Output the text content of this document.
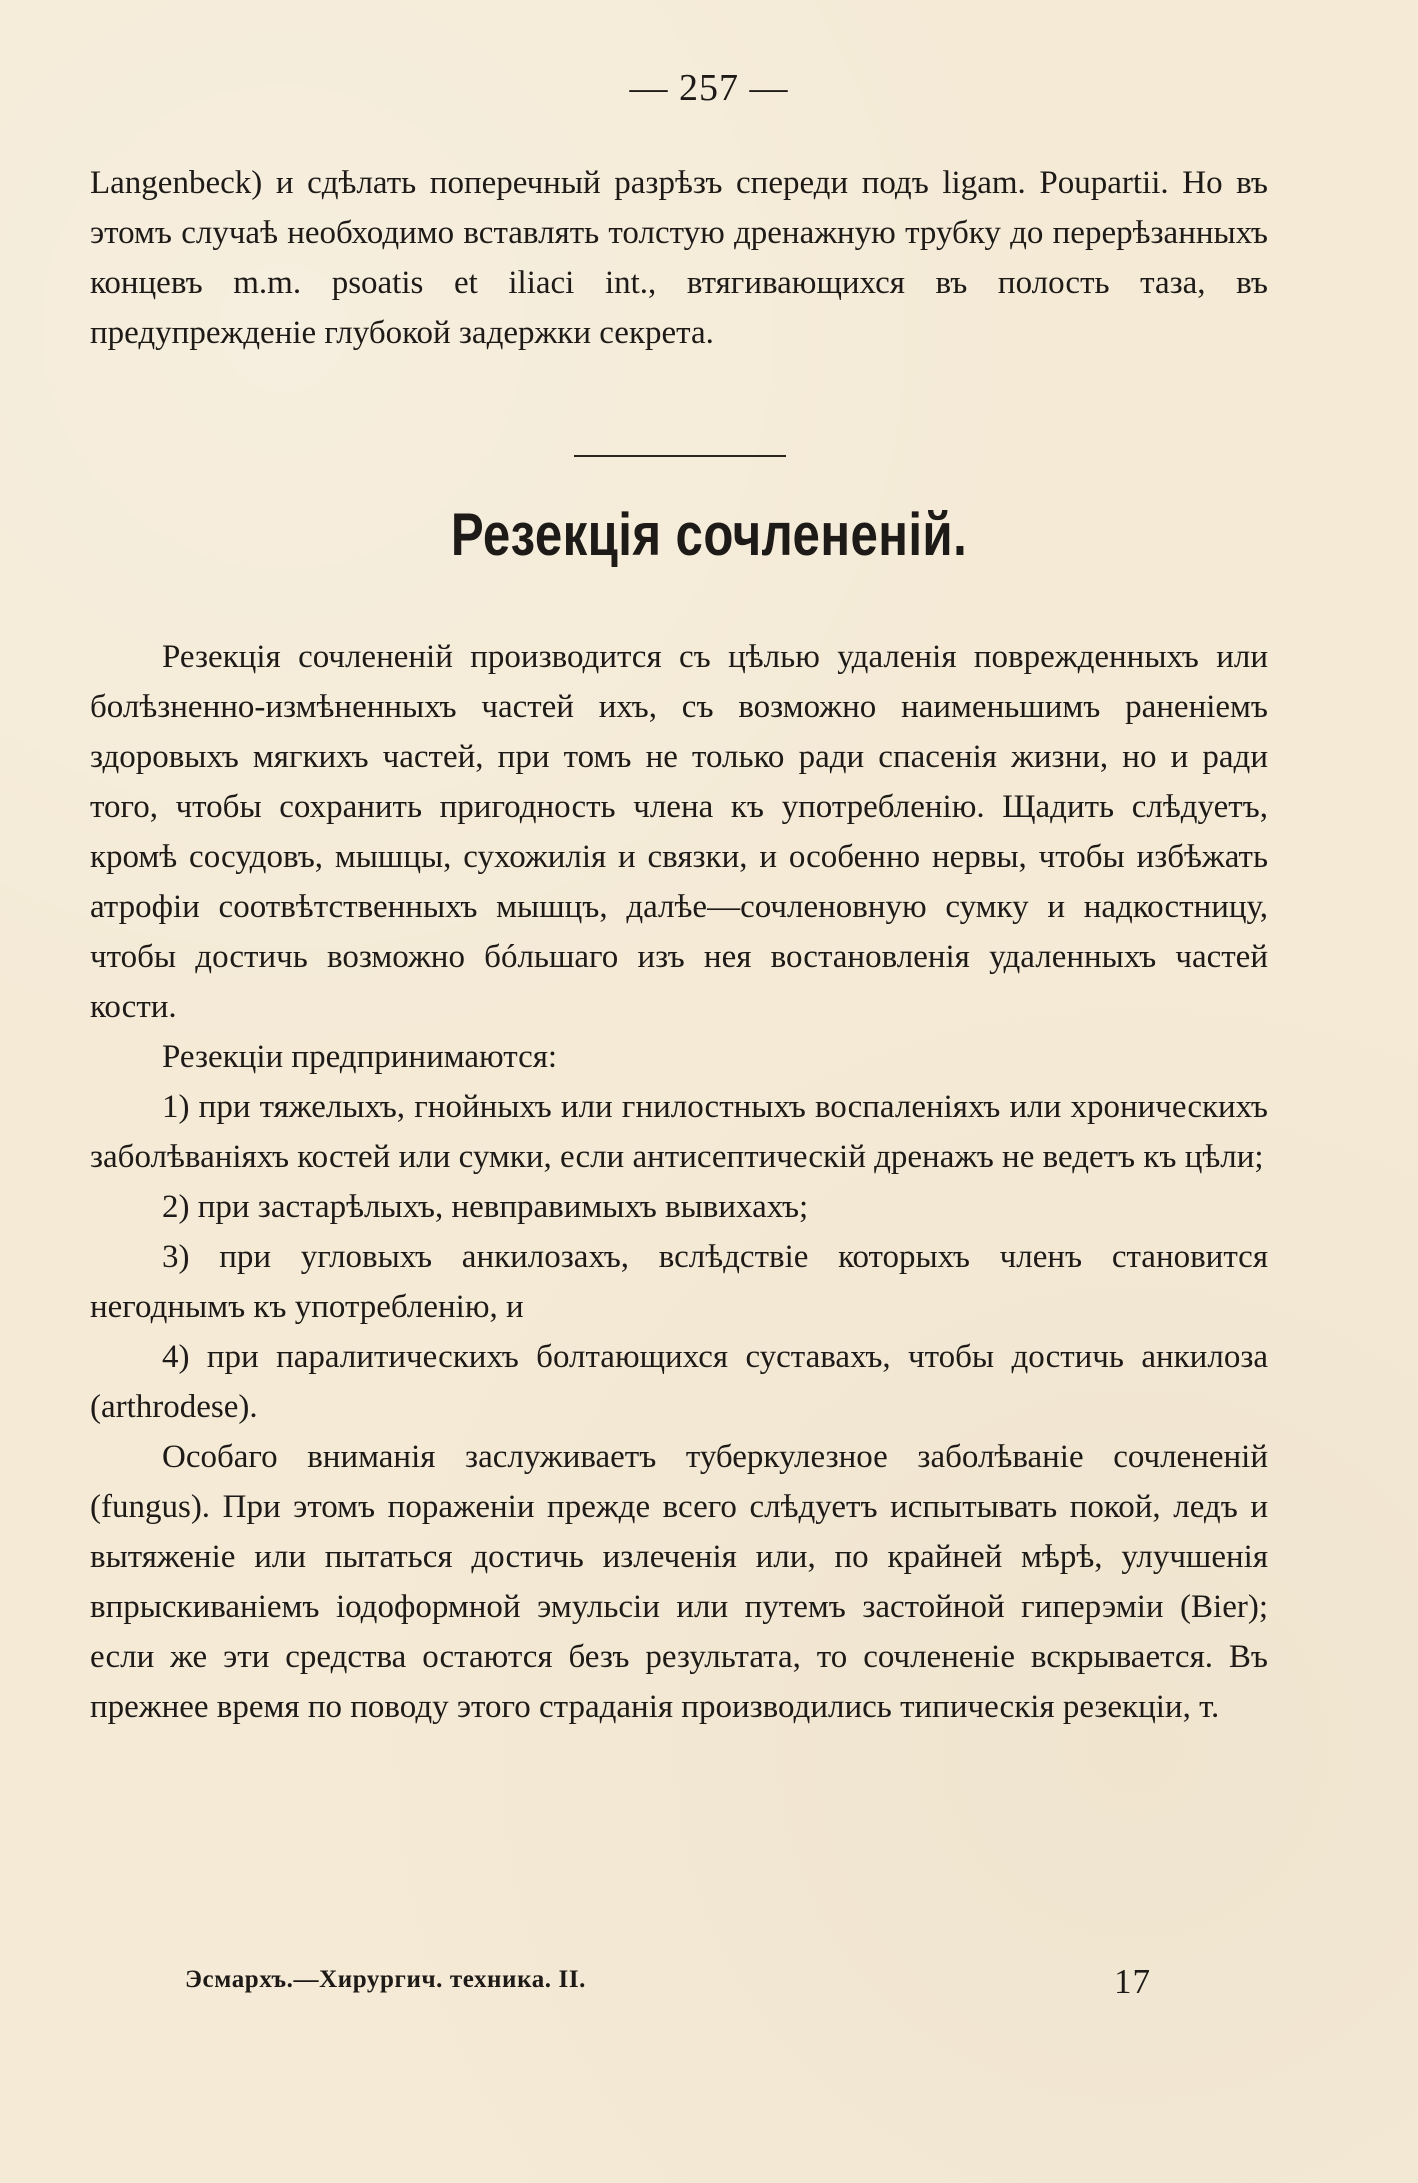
— 257 —
Langenbeck) и сдѣлать поперечный разрѣзъ спереди подъ ligam. Poupartii. Но въ этомъ случаѣ необходимо вставлять толстую дренажную трубку до перерѣзанныхъ концевъ m.m. psoatis et iliaci int., втягивающихся въ полость таза, въ предупрежденіе глубокой задержки секрета.
Резекція сочлененій.

Резекція сочлененій производится съ цѣлью удаленія поврежденныхъ или болѣзненно-измѣненныхъ частей ихъ, съ возможно наименьшимъ раненіемъ здоровыхъ мягкихъ частей, при томъ не только ради спасенія жизни, но и ради того, чтобы сохранить пригодность члена къ употребленію. Щадить слѣдуетъ, кромѣ сосудовъ, мышцы, сухожилія и связки, и особенно нервы, чтобы избѣжать атрофіи соотвѣтственныхъ мышцъ, далѣе—сочленовную сумку и надкостницу, чтобы достичь возможно бóльшаго изъ нея востановленія удаленныхъ частей кости.

Резекціи предпринимаются:

1) при тяжелыхъ, гнойныхъ или гнилостныхъ воспаленіяхъ или хроническихъ заболѣваніяхъ костей или сумки, если антисептическій дренажъ не ведетъ къ цѣли;

2) при застарѣлыхъ, невправимыхъ вывихахъ;

3) при угловыхъ анкилозахъ, вслѣдствіе которыхъ членъ становится негоднымъ къ употребленію, и

4) при паралитическихъ болтающихся суставахъ, чтобы достичь анкилоза (arthrodese).

Особаго вниманія заслуживаетъ туберкулезное заболѣваніе сочлененій (fungus). При этомъ пораженіи прежде всего слѣдуетъ испытывать покой, ледъ и вытяженіе или пытаться достичь излеченія или, по крайней мѣрѣ, улучшенія впрыскиваніемъ іодоформной эмульсіи или путемъ застойной гиперэміи (Bier); если же эти средства остаются безъ результата, то сочлененіе вскрывается. Въ прежнее время по поводу этого страданія производились типическія резекціи, т.

Эсмархъ.—Хирургич. техника. II.	17
